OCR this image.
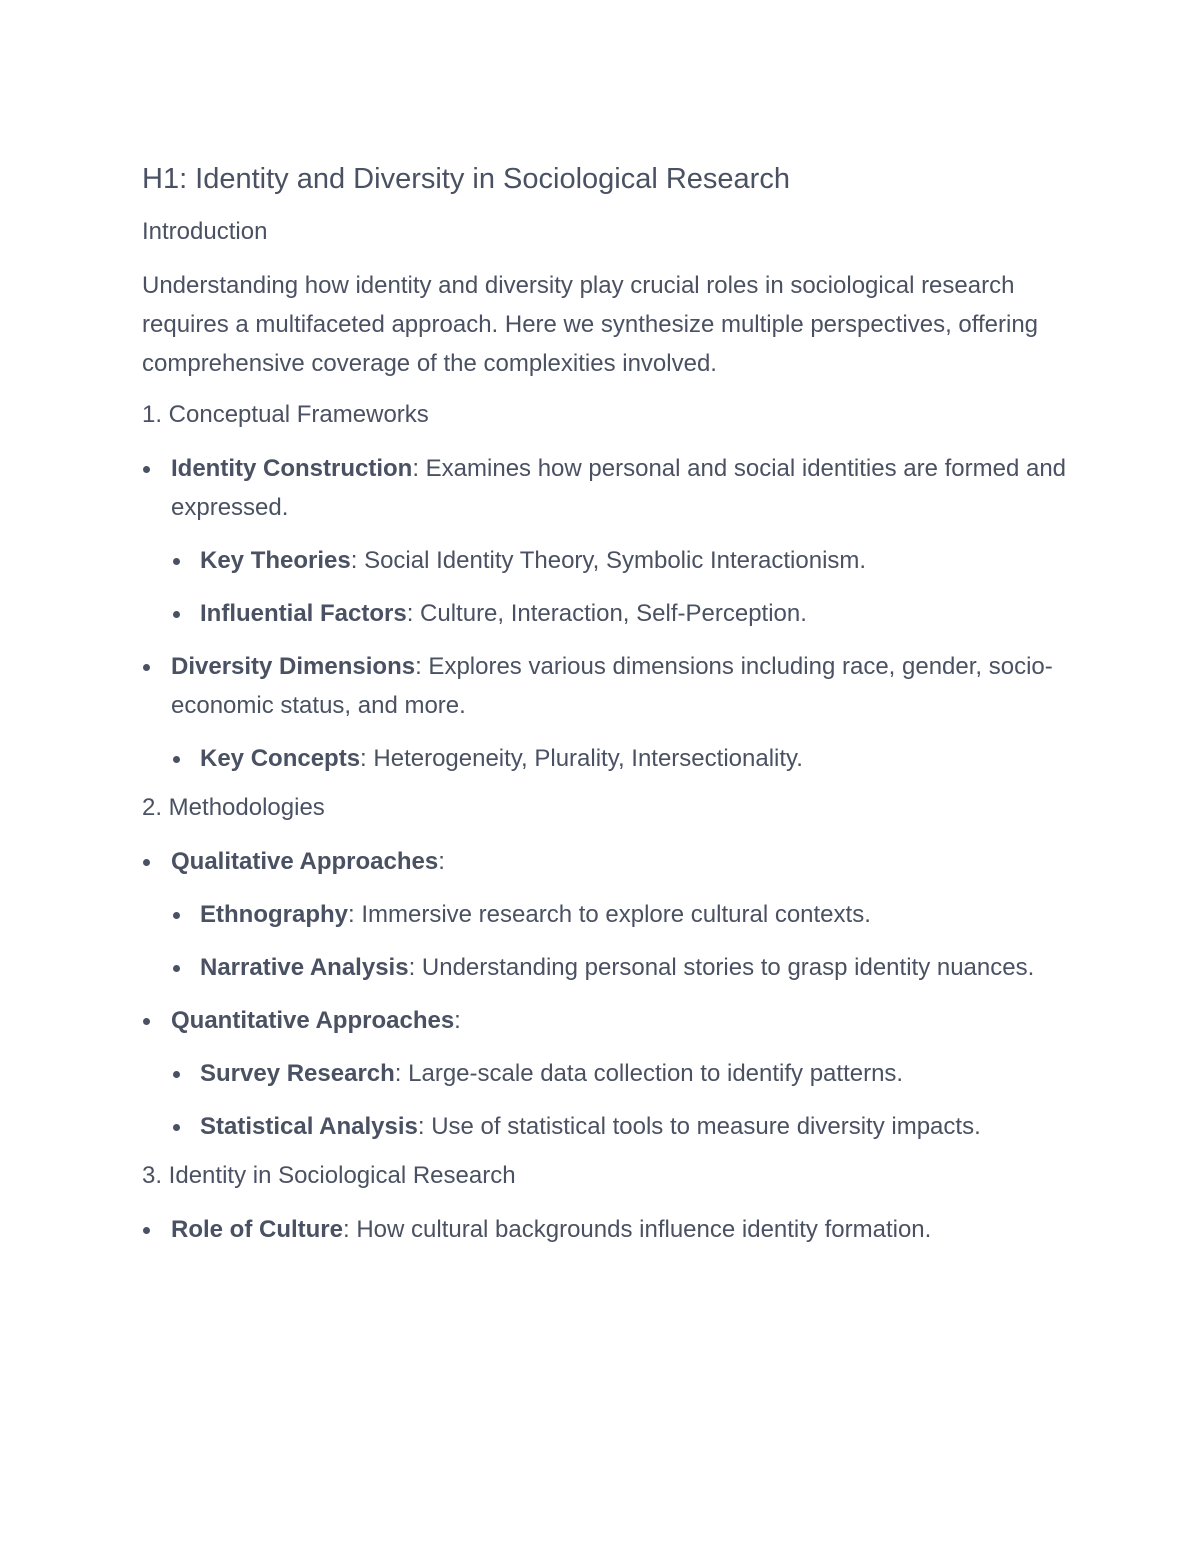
H1: Identity and Diversity in Sociological Research
Introduction

Understanding how identity and diversity play crucial roles in sociological research requires a multifaceted approach. Here we synthesize multiple perspectives, offering comprehensive coverage of the complexities involved.

1. Conceptual Frameworks
Identity Construction: Examines how personal and social identities are formed and expressed.
Key Theories: Social Identity Theory, Symbolic Interactionism.
Influential Factors: Culture, Interaction, Self-Perception.
Diversity Dimensions: Explores various dimensions including race, gender, socio-economic status, and more.
Key Concepts: Heterogeneity, Plurality, Intersectionality.
2. Methodologies
Qualitative Approaches:
Ethnography: Immersive research to explore cultural contexts.
Narrative Analysis: Understanding personal stories to grasp identity nuances.
Quantitative Approaches:
Survey Research: Large-scale data collection to identify patterns.
Statistical Analysis: Use of statistical tools to measure diversity impacts.
3. Identity in Sociological Research
Role of Culture: How cultural backgrounds influence identity formation.
